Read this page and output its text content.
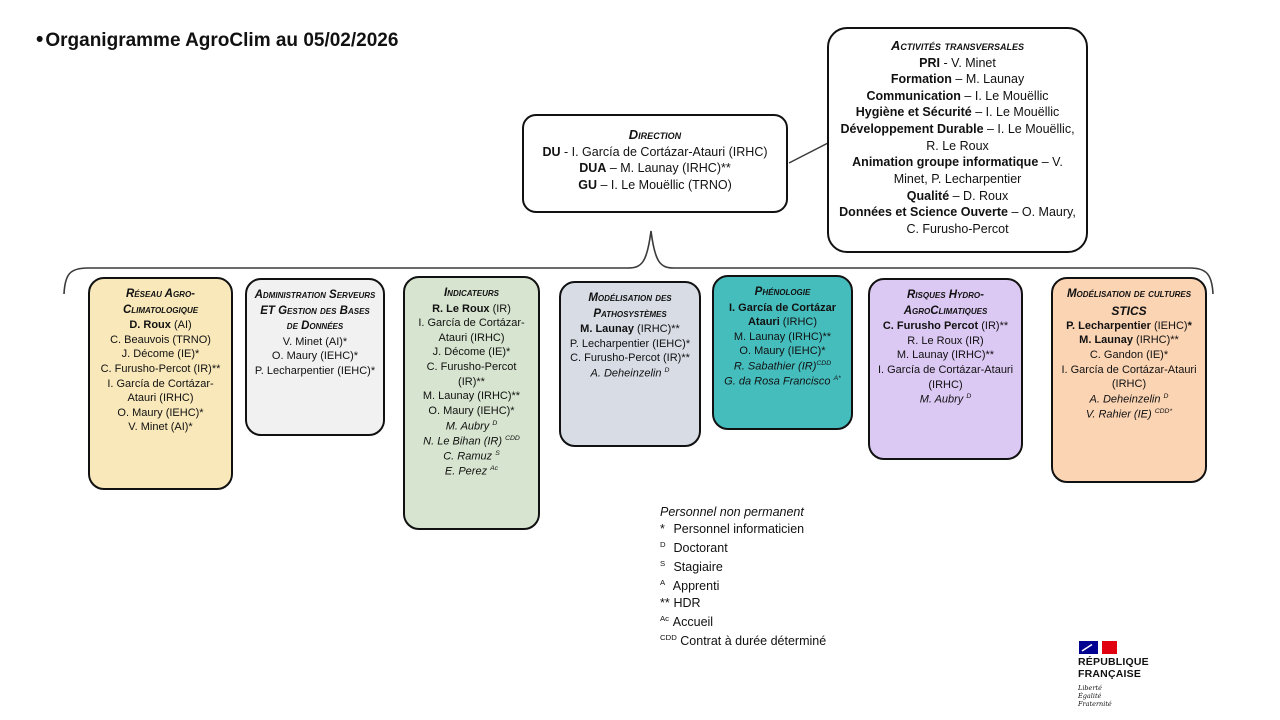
• Organigramme AgroClim au 05/02/2026
Direction
DU - I. García de Cortázar-Atauri (IRHC)
DUA – M. Launay (IRHC)**
GU – I. Le Mouëllic (TRNO)
Activités transversales
PRI - V. Minet
Formation – M. Launay
Communication – I. Le Mouëllic
Hygiène et Sécurité – I. Le Mouëllic
Développement Durable – I. Le Mouëllic, R. Le Roux
Animation groupe informatique – V. Minet, P. Lecharpentier
Qualité – D. Roux
Données et Science Ouverte – O. Maury, C. Furusho-Percot
Réseau Agro-Climatologique
D. Roux (AI)
C. Beauvois (TRNO)
J. Décome (IE)*
C. Furusho-Percot (IR)**
I. García de Cortázar-Atauri (IRHC)
O. Maury (IEHC)*
V. Minet (AI)*
Administration Serveurs ET Gestion des Bases de Données
V. Minet (AI)*
O. Maury (IEHC)*
P. Lecharpentier (IEHC)*
Indicateurs
R. Le Roux (IR)
I. García de Cortázar-Atauri (IRHC)
J. Décome (IE)*
C. Furusho-Percot (IR)**
M. Launay (IRHC)**
O. Maury (IEHC)*
M. Aubry $^D$
N. Le Bihan (IR) $^{CDD}$
C. Ramuz $^S$
E. Perez $^{Ac}$
Modélisation des Pathosystèmes
M. Launay (IRHC)**
P. Lecharpentier (IEHC)*
C. Furusho-Percot (IR)**
A. Deheinzelin $^D$
Phénologie
I. García de Cortázar Atauri (IRHC)
M. Launay (IRHC)**
O. Maury (IEHC)*
R. Sabathier (IR)$^{CDD}$
G. da Rosa Francisco $^{A*}$
Risques Hydro-AgroClimatiques
C. Furusho Percot (IR)**
R. Le Roux (IR)
M. Launay (IRHC)**
I. García de Cortázar-Atauri (IRHC)
M. Aubry $^D$
Modélisation de cultures
STICS
P. Lecharpentier (IEHC)*
M. Launay (IRHC)**
C. Gandon (IE)*
I. García de Cortázar-Atauri (IRHC)
A. Deheinzelin $^D$
V. Rahier (IE) $^{CDD*}$
Personnel non permanent
* Personnel informaticien
$^D$ Doctorant
$^S$ Stagiaire
$^A$ Apprenti
** HDR
$^{Ac}$ Accueil
$^{CDD}$ Contrat à durée déterminé
RÉPUBLIQUE
FRANÇAISE
Liberté
Égalité
Fraternité
